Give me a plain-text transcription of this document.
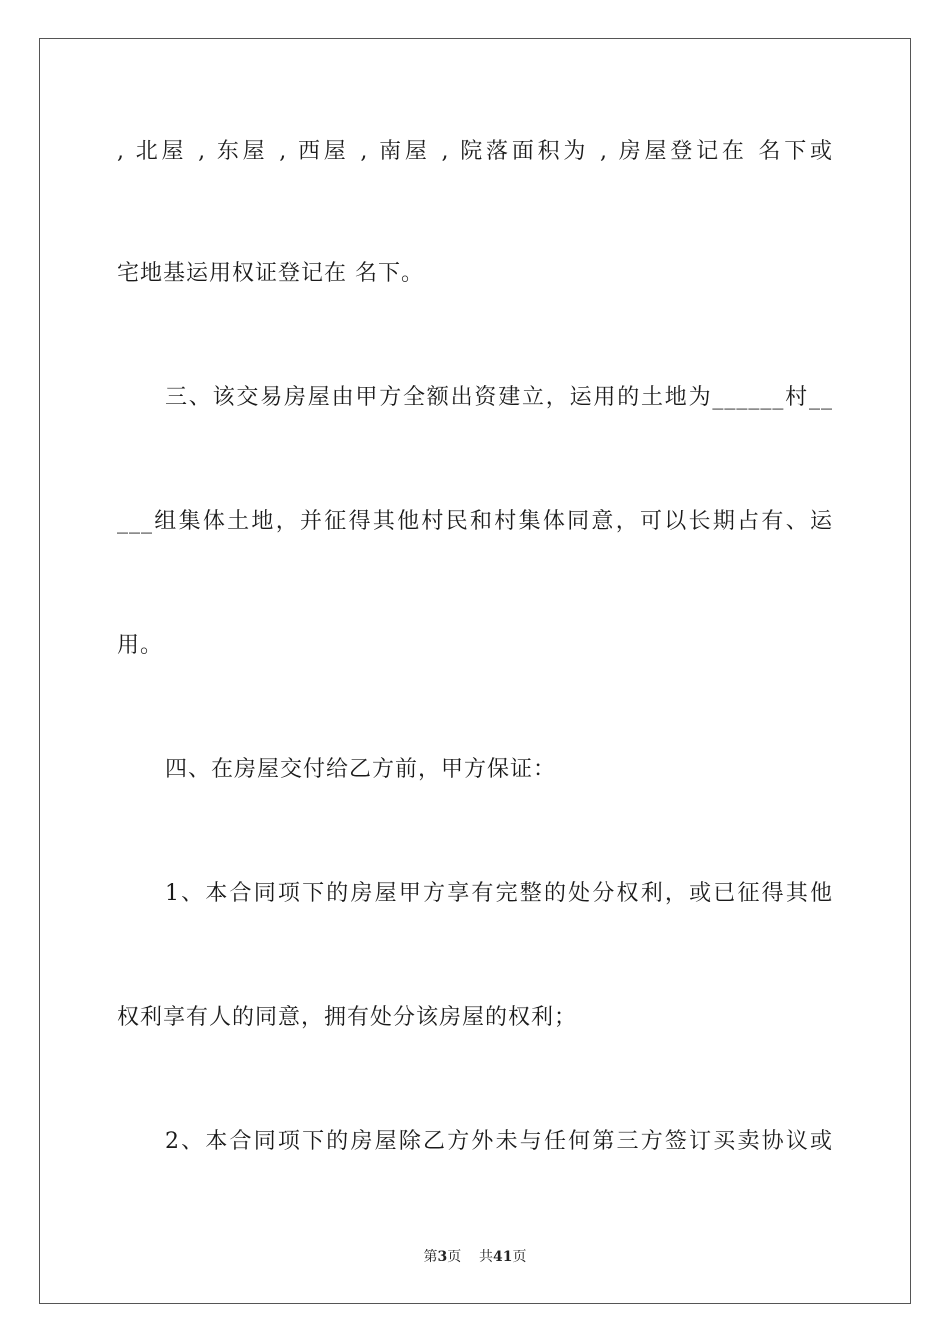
, 北屋 , 东屋 , 西屋 , 南屋 , 院落面积为 , 房屋登记在 名下或
宅地基运用权证登记在 名下。
三、该交易房屋由甲方全额出资建立，运用的土地为______村__
___组集体土地，并征得其他村民和村集体同意，可以长期占有、运
用。
四、在房屋交付给乙方前，甲方保证：
1、本合同项下的房屋甲方享有完整的处分权利，或已征得其他
权利享有人的同意，拥有处分该房屋的权利；
2、本合同项下的房屋除乙方外未与任何第三方签订买卖协议或
第3页 共41页
